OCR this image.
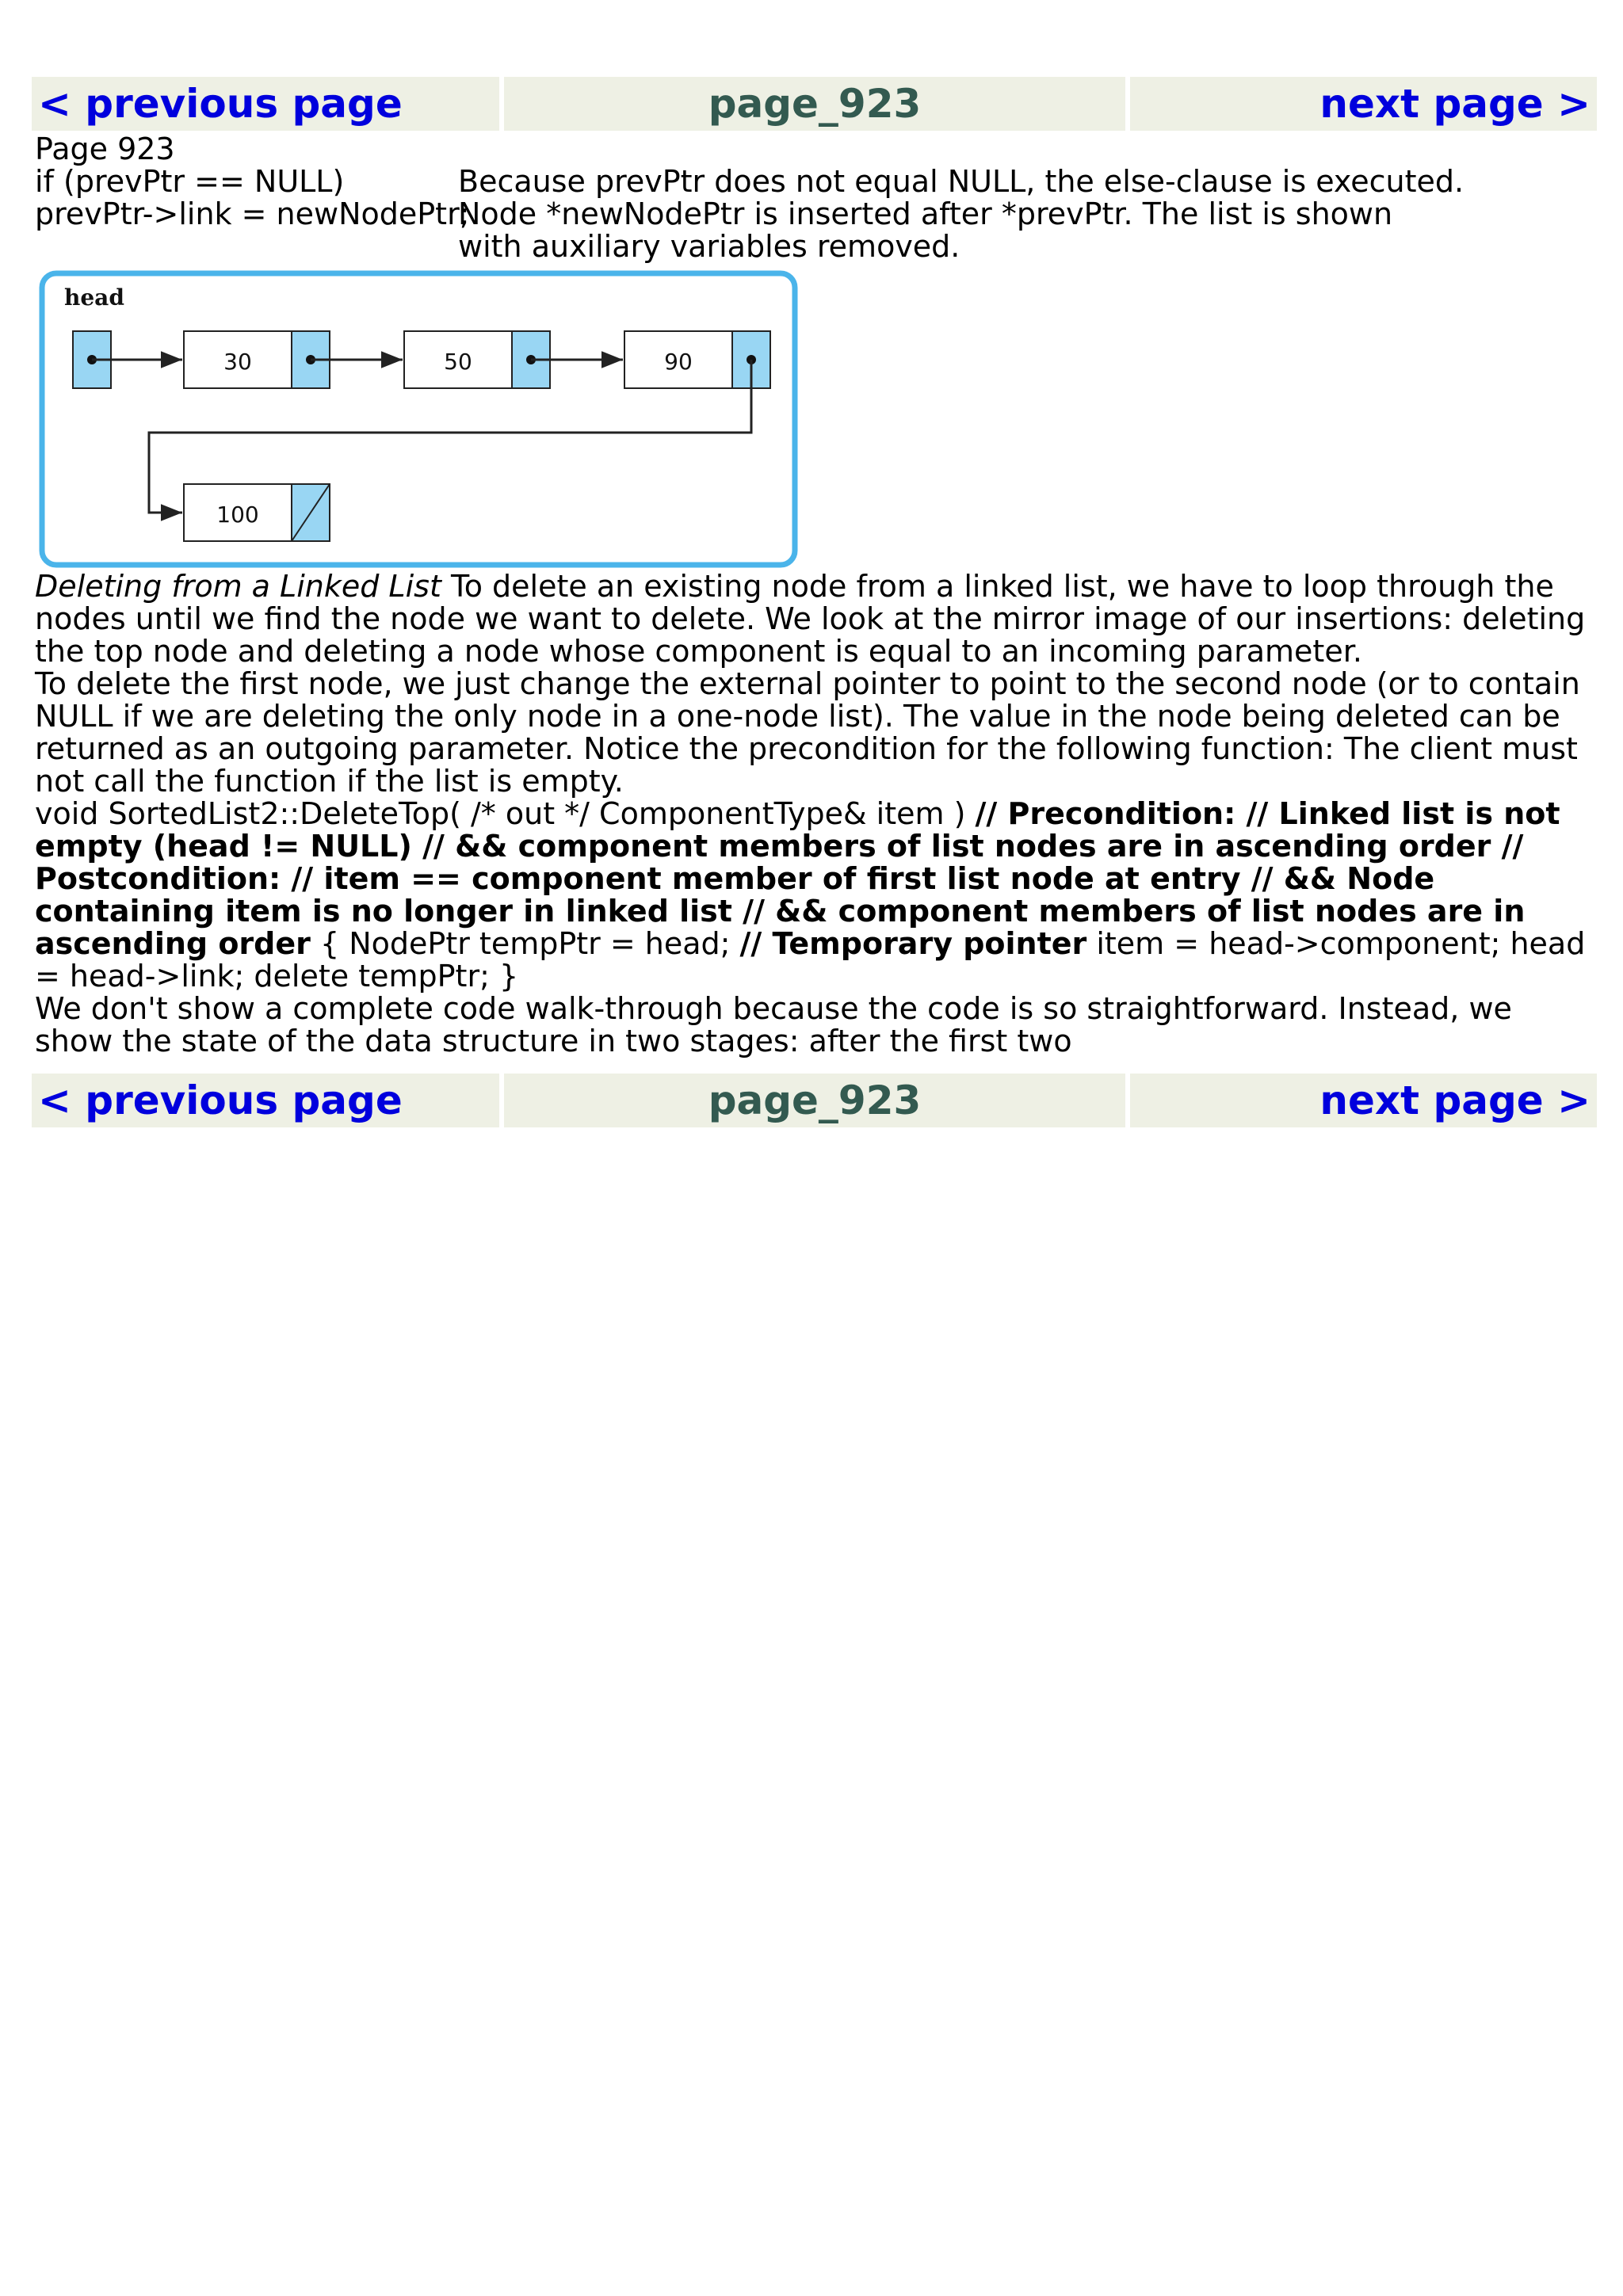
< previous page	page_923	next page >
Page 923
if (prevPtr == NULL)	Because prevPtr does not equal NULL, the else-clause is executed.
prevPtr->link = newNodePtr;
Node *newNodePtr is inserted after *prevPtr. The list is shown
with auxiliary variables removed.
head
30	50	90
100

Deleting from a Linked List To delete an existing node from a linked list, we have to loop through the nodes until we find the node we want to delete. We look at the mirror image of our insertions: deleting the top node and deleting a node whose component is equal to an incoming parameter.

To delete the first node, we just change the external pointer to point to the second node (or to contain NULL if we are deleting the only node in a one-node list). The value in the node being deleted can be returned as an outgoing parameter. Notice the precondition for the following function: The client must not call the function if the list is empty.

void SortedList2::DeleteTop( /* out */ ComponentType& item ) // Precondition: // Linked list is not empty (head != NULL) // && component members of list nodes are in ascending order // Postcondition: // item == component member of first list node at entry // && Node containing item is no longer in linked list // && component members of list nodes are in ascending order { NodePtr tempPtr = head; // Temporary pointer item = head->component; head = head->link; delete tempPtr; }

We don't show a complete code walk-through because the code is so straightforward. Instead, we show the state of the data structure in two stages: after the first two

< previous page	page_923	next page >
